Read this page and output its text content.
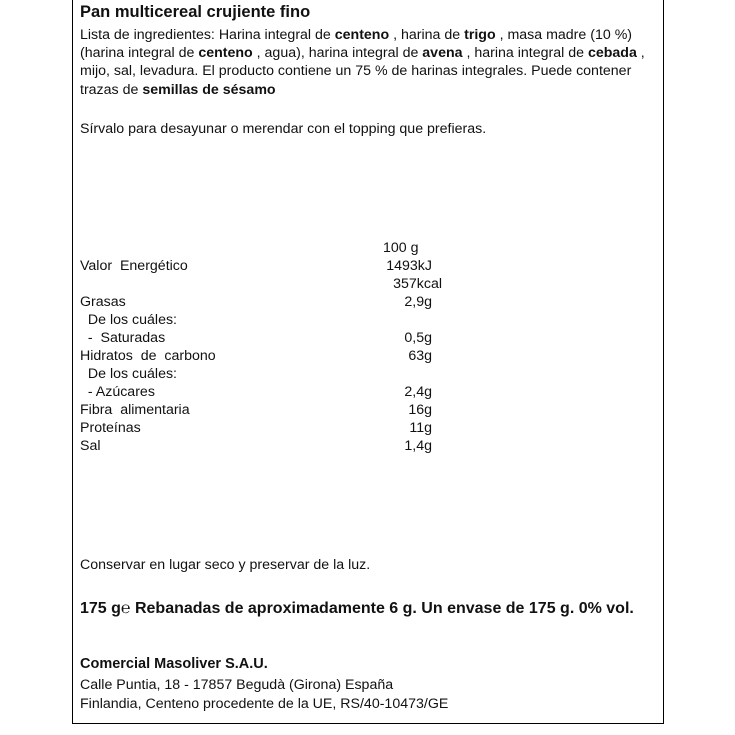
Pan multicereal crujiente fino
Lista de ingredientes: Harina integral de centeno , harina de trigo , masa madre (10 %) (harina integral de centeno , agua), harina integral de avena , harina integral de cebada , mijo, sal, levadura. El producto contiene un 75 % de harinas integrales. Puede contener trazas de semillas de sésamo
Sírvalo para desayunar o merendar con el topping que prefieras.
100 g
Valor  Energético	1493kJ
357kcal
Grasas	2,9g
De los cuáles:
-  Saturadas	0,5g
Hidratos  de  carbono	63g
De los cuáles:
- Azúcares	2,4g
Fibra  alimentaria	16g
Proteínas	11g
Sal	1,4g
Conservar en lugar seco y preservar de la luz.
175 g℮ Rebanadas de aproximadamente 6 g. Un envase de 175 g. 0% vol.
Comercial Masoliver S.A.U.
Calle Puntia, 18 - 17857 Begudà (Girona) España
Finlandia, Centeno procedente de la UE, RS/40-10473/GE
